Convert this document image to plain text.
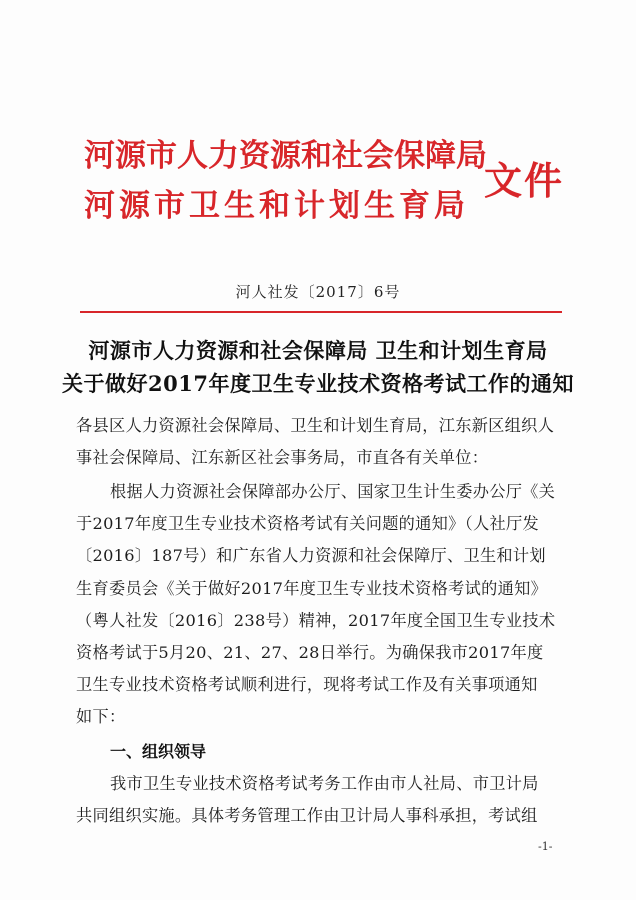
河源市人力资源和社会保障局
河源市卫生和计划生育局
文件
河人社发〔2017〕6号
河源市人力资源和社会保障局 卫生和计划生育局
关于做好2017年度卫生专业技术资格考试工作的通知
各县区人力资源社会保障局、卫生和计划生育局，江东新区组织人
事社会保障局、江东新区社会事务局，市直各有关单位：
根据人力资源社会保障部办公厅、国家卫生计生委办公厅《关
于2017年度卫生专业技术资格考试有关问题的通知》（人社厅发
〔2016〕187号）和广东省人力资源和社会保障厅、卫生和计划
生育委员会《关于做好2017年度卫生专业技术资格考试的通知》
（粤人社发〔2016〕238号）精神，2017年度全国卫生专业技术
资格考试于5月20、21、27、28日举行。为确保我市2017年度
卫生专业技术资格考试顺利进行，现将考试工作及有关事项通知
如下：
一、组织领导
我市卫生专业技术资格考试考务工作由市人社局、市卫计局
共同组织实施。具体考务管理工作由卫计局人事科承担，考试组
-1-
